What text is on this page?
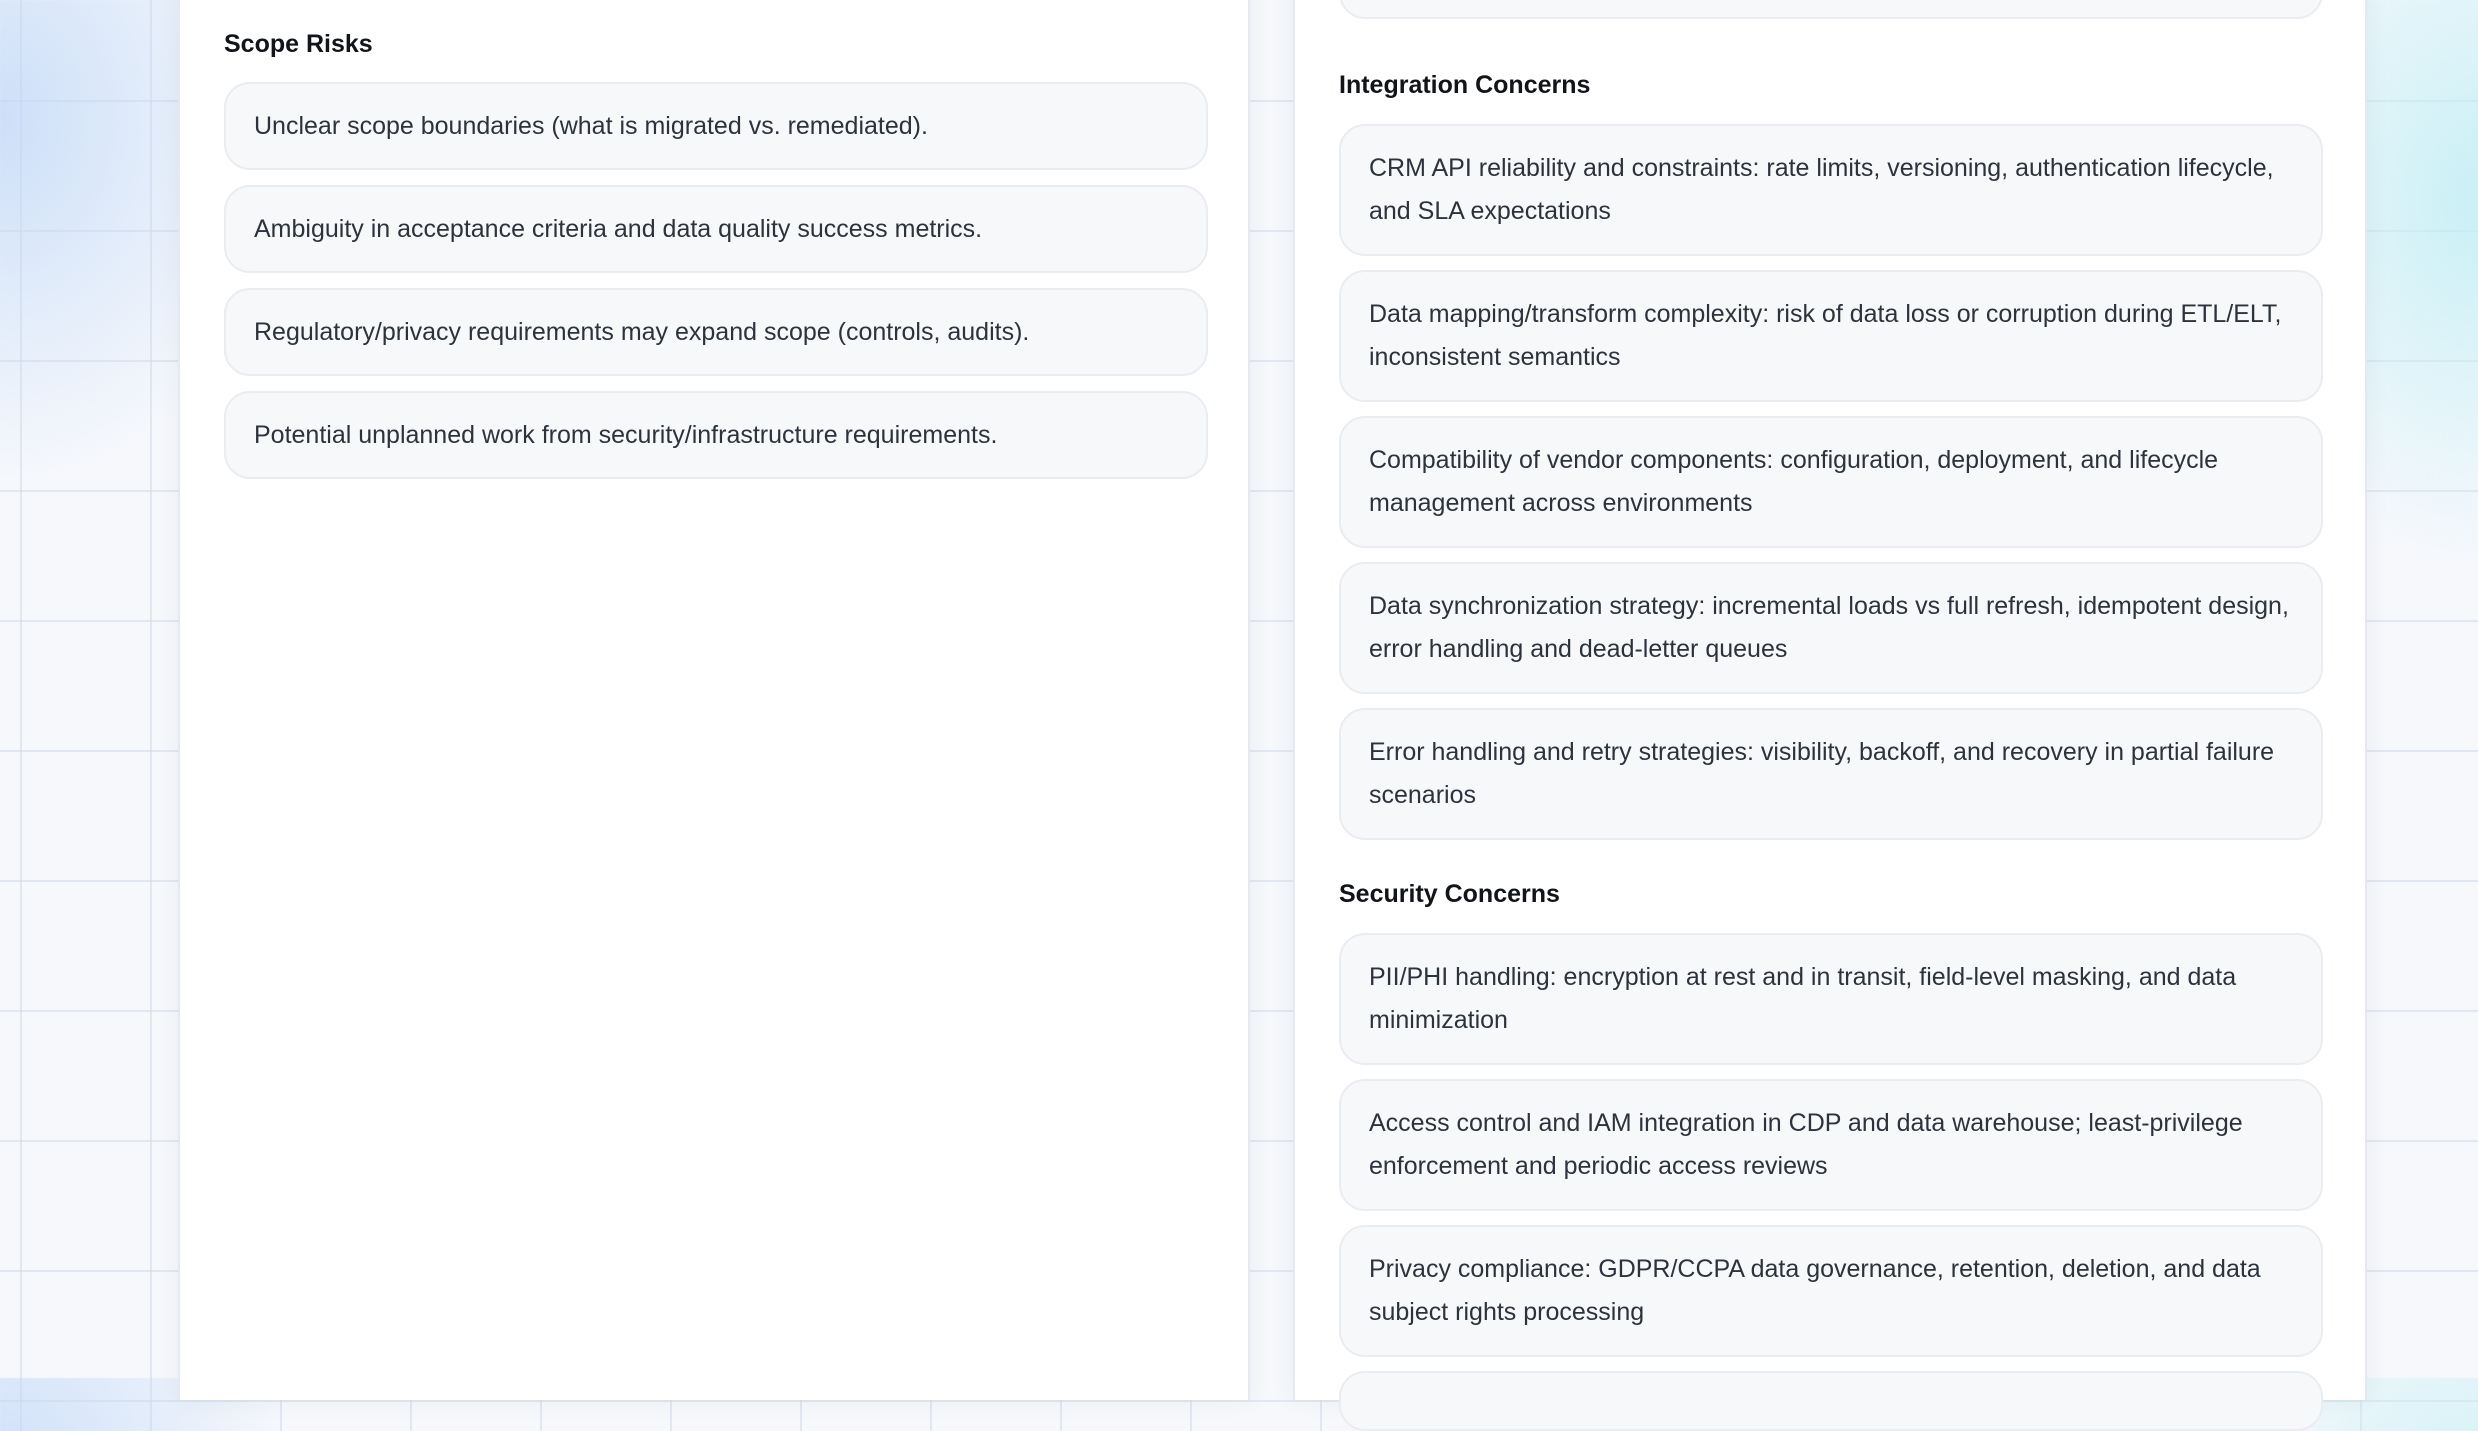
Scope Risks
Unclear scope boundaries (what is migrated vs. remediated).
Ambiguity in acceptance criteria and data quality success metrics.
Regulatory/privacy requirements may expand scope (controls, audits).
Potential unplanned work from security/infrastructure requirements.
Integration Concerns
CRM API reliability and constraints: rate limits, versioning, authentication lifecycle, and SLA expectations
Data mapping/transform complexity: risk of data loss or corruption during ETL/ELT, inconsistent semantics
Compatibility of vendor components: configuration, deployment, and lifecycle management across environments
Data synchronization strategy: incremental loads vs full refresh, idempotent design, error handling and dead-letter queues
Error handling and retry strategies: visibility, backoff, and recovery in partial failure scenarios
Security Concerns
PII/PHI handling: encryption at rest and in transit, field-level masking, and data minimization
Access control and IAM integration in CDP and data warehouse; least-privilege enforcement and periodic access reviews
Privacy compliance: GDPR/CCPA data governance, retention, deletion, and data subject rights processing
